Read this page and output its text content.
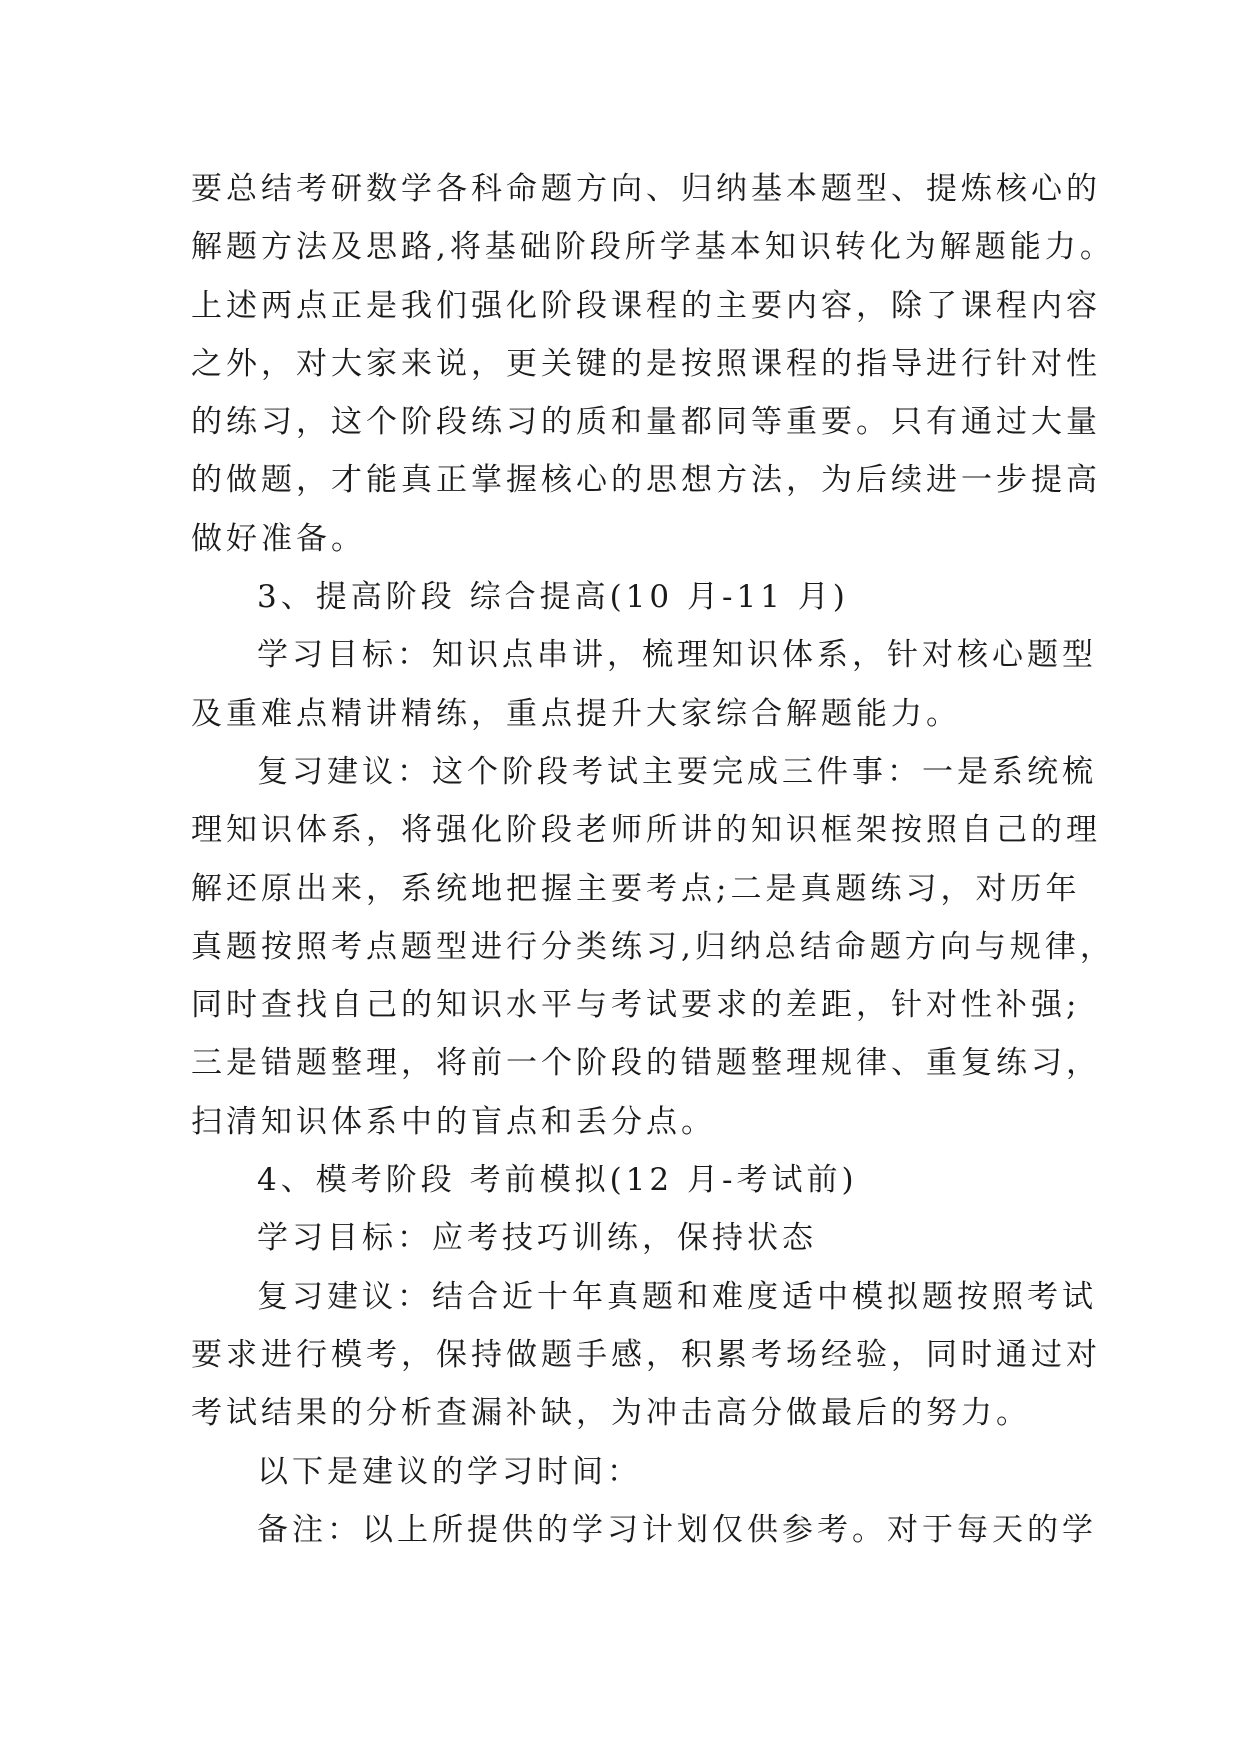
要总结考研数学各科命题方向、归纳基本题型、提炼核心的
解题方法及思路,将基础阶段所学基本知识转化为解题能力。
上述两点正是我们强化阶段课程的主要内容，除了课程内容
之外，对大家来说，更关键的是按照课程的指导进行针对性
的练习，这个阶段练习的质和量都同等重要。只有通过大量
的做题，才能真正掌握核心的思想方法，为后续进一步提高
做好准备。
3、提高阶段 综合提高(10 月-11 月)
学习目标：知识点串讲，梳理知识体系，针对核心题型
及重难点精讲精练，重点提升大家综合解题能力。
复习建议：这个阶段考试主要完成三件事：一是系统梳
理知识体系，将强化阶段老师所讲的知识框架按照自己的理
解还原出来，系统地把握主要考点;二是真题练习，对历年
真题按照考点题型进行分类练习,归纳总结命题方向与规律，
同时查找自己的知识水平与考试要求的差距，针对性补强;
三是错题整理，将前一个阶段的错题整理规律、重复练习，
扫清知识体系中的盲点和丢分点。
4、模考阶段 考前模拟(12 月-考试前)
学习目标：应考技巧训练，保持状态
复习建议：结合近十年真题和难度适中模拟题按照考试
要求进行模考，保持做题手感，积累考场经验，同时通过对
考试结果的分析查漏补缺，为冲击高分做最后的努力。
以下是建议的学习时间：
备注：以上所提供的学习计划仅供参考。对于每天的学
